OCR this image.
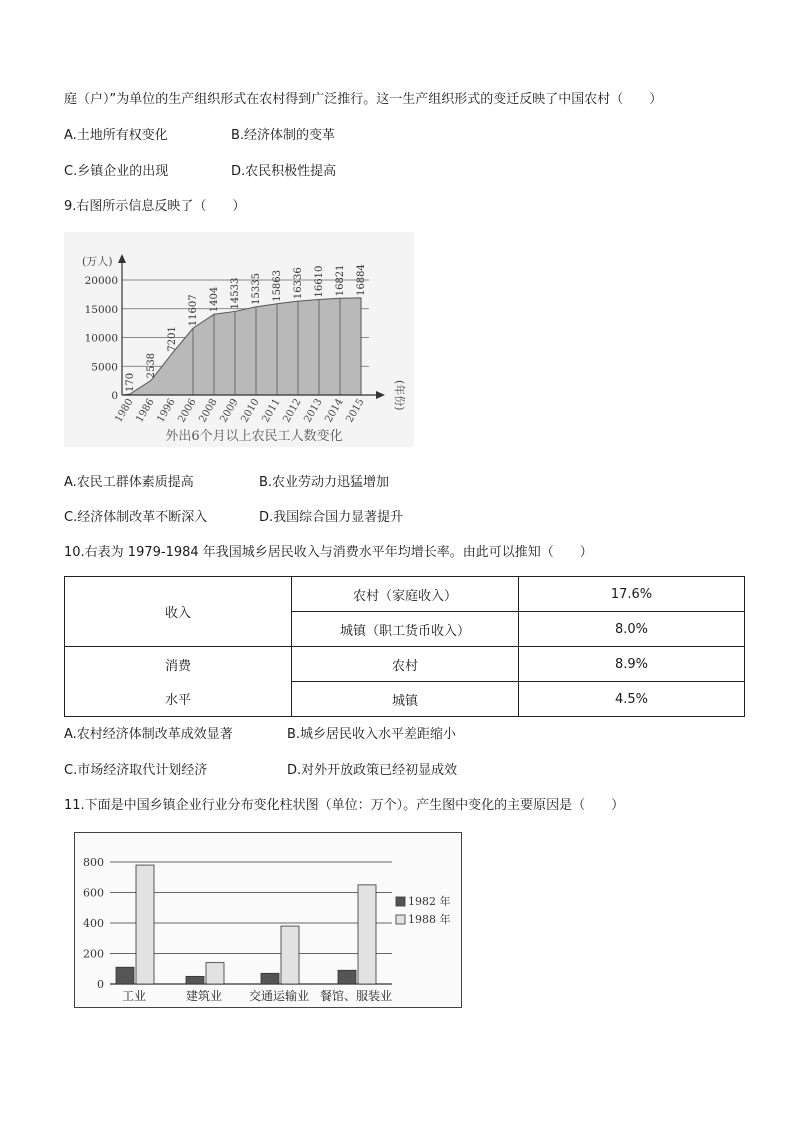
庭（户）”为单位的生产组织形式在农村得到广泛推行。这一生产组织形式的变迁反映了中国农村（　　）
A.土地所有权变化	B.经济体制的变革
C.乡镇企业的出现	D.农民积极性提高
9.右图所示信息反映了（　　）
(万人)
(年份)
0
5000
10000
15000
20000
1980
1986
1996
2006
2008
2009
2010
2011
2012
2013
2014
2015
170
2538
7201
11607 1404 14533 15335 15863 16336 16610 16821 16884
外出6个月以上农民工人数变化
A.农民工群体素质提高	B.农业劳动力迅猛增加
C.经济体制改革不断深入	D.我国综合国力显著提升
10.右表为 1979-1984 年我国城乡居民收入与消费水平年均增长率。由此可以推知（　　）
收入	农村（家庭收入）	17.6%
	城镇（职工货币收入）	8.0%
消费	农村	8.9%
水平	城镇	4.5%
A.农村经济体制改革成效显著	B.城乡居民收入水平差距缩小
C.市场经济取代计划经济	D.对外开放政策已经初显成效
11.下面是中国乡镇企业行业分布变化柱状图（单位：万个）。产生图中变化的主要原因是（　　）
0
200
400
600
800
工业	建筑业 交通运输业 餐馆、服装业
1982 年
1988 年
